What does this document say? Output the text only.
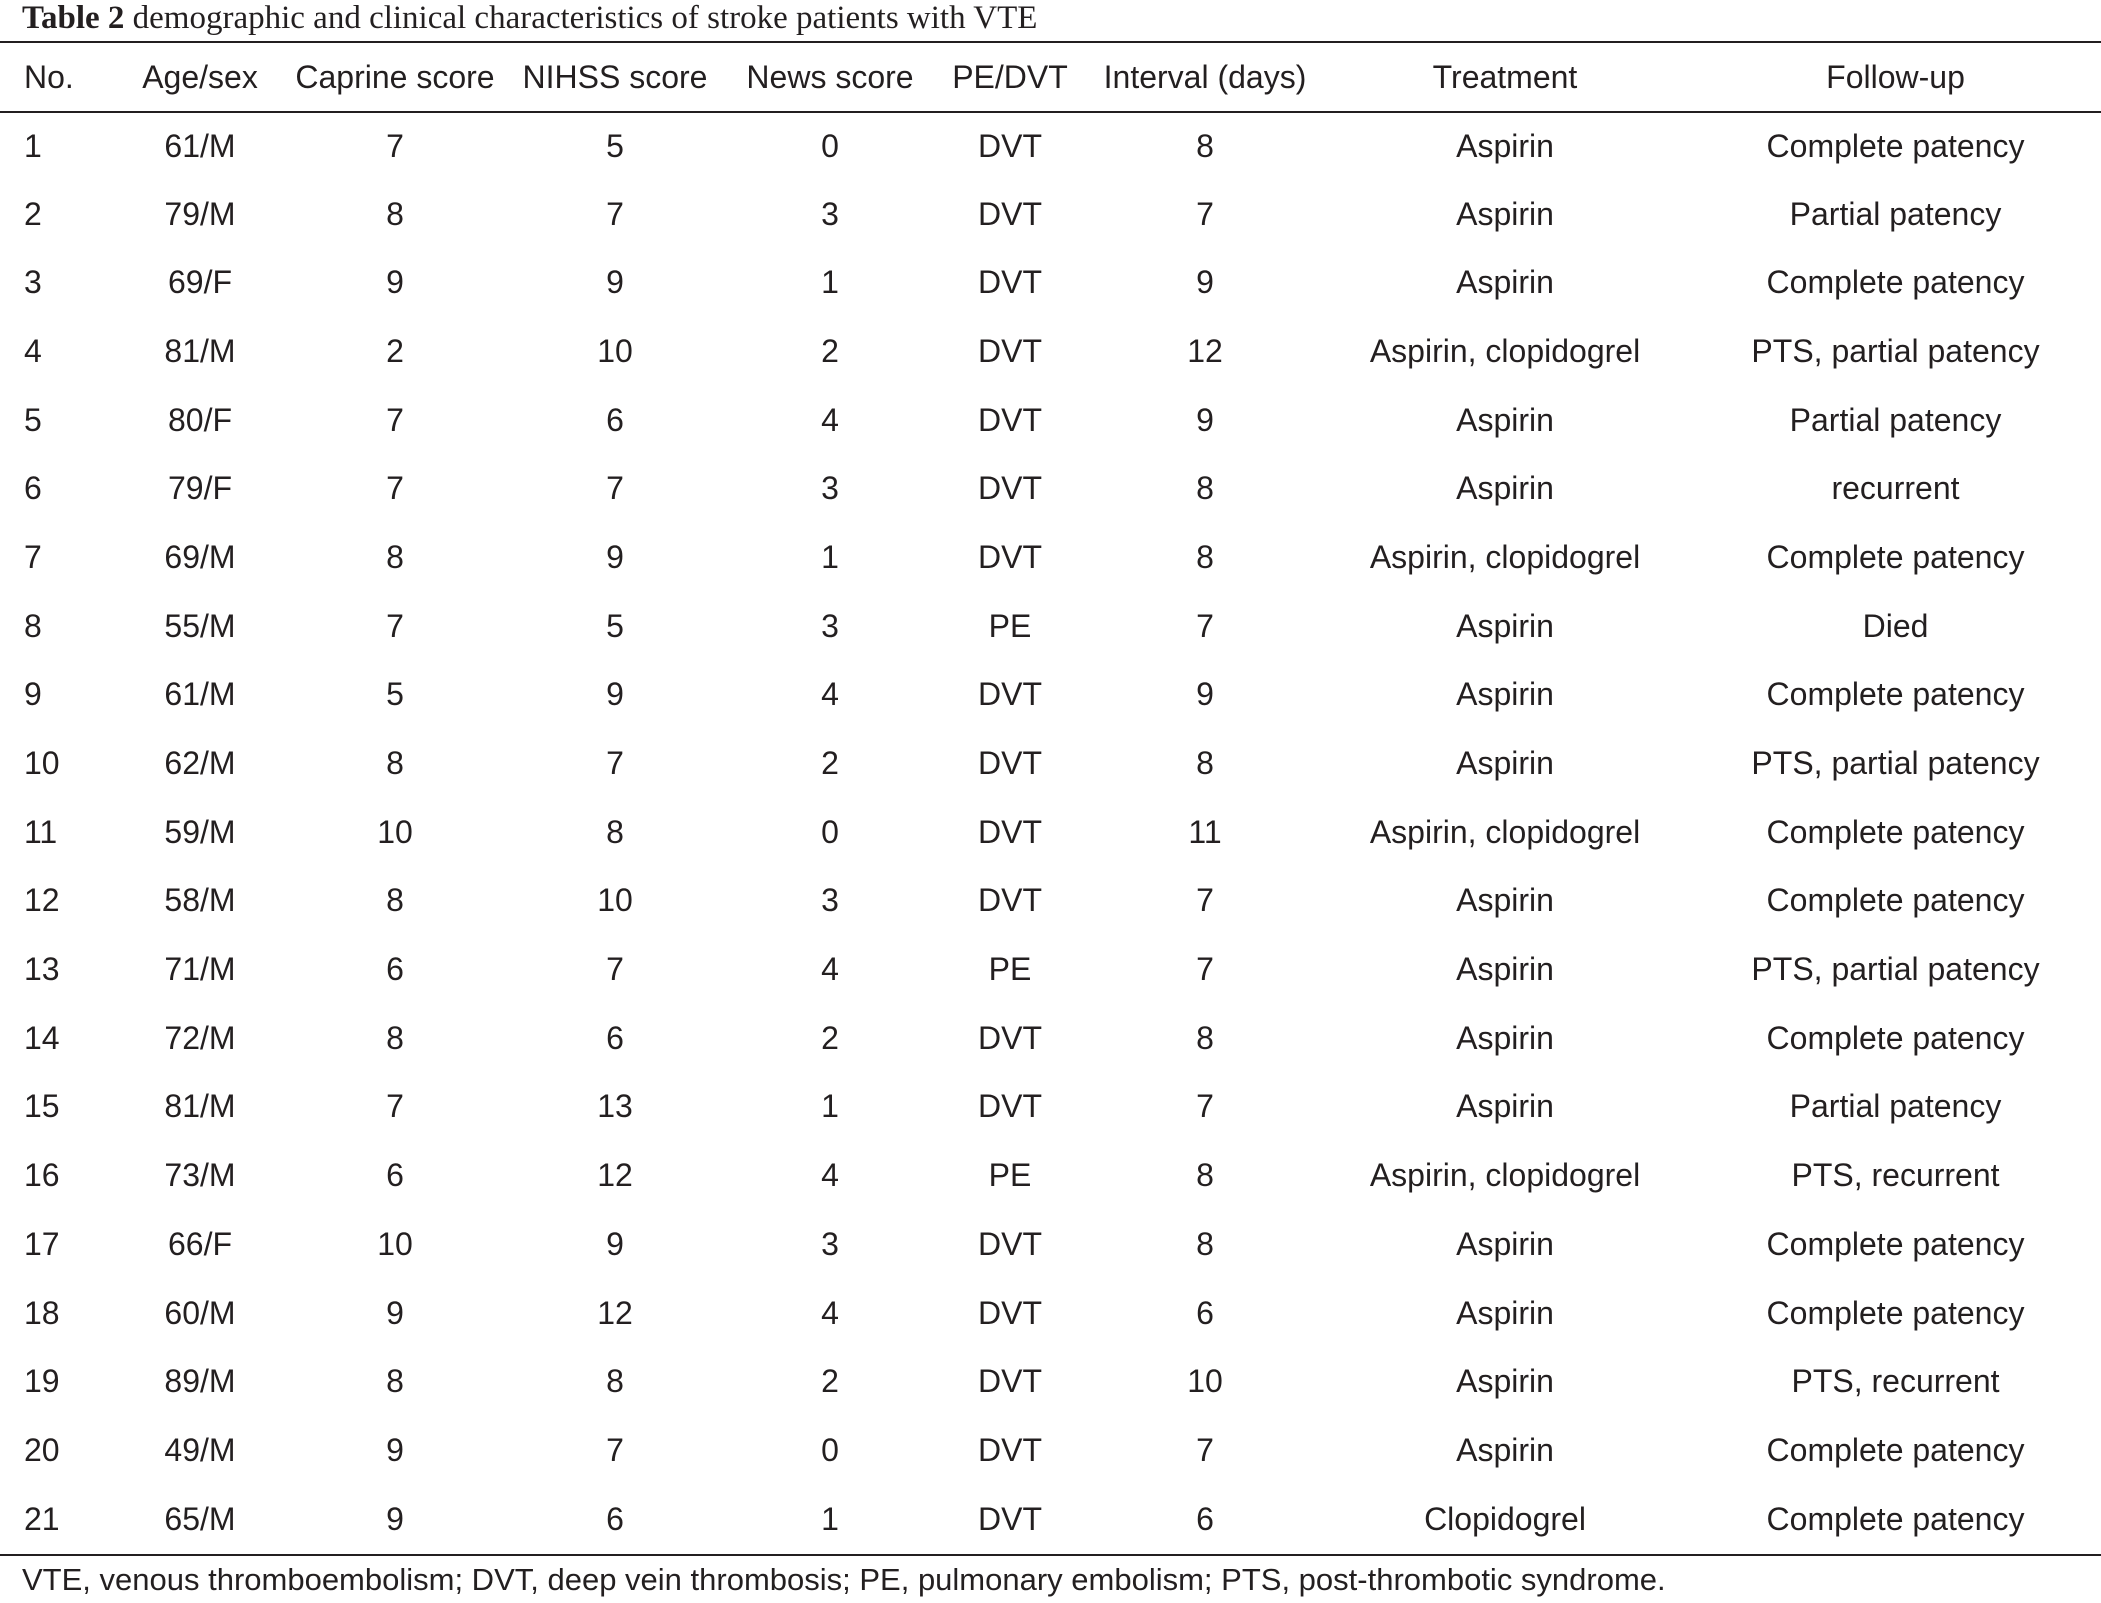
Table 2 demographic and clinical characteristics of stroke patients with VTE
No.	Age/sex	Caprine score	NIHSS score	News score	PE/DVT	Interval (days)	Treatment	Follow-up
1	61/M	7	5	0	DVT	8	Aspirin	Complete patency
2	79/M	8	7	3	DVT	7	Aspirin	Partial patency
3	69/F	9	9	1	DVT	9	Aspirin	Complete patency
4	81/M	2	10	2	DVT	12	Aspirin, clopidogrel	PTS, partial patency
5	80/F	7	6	4	DVT	9	Aspirin	Partial patency
6	79/F	7	7	3	DVT	8	Aspirin	recurrent
7	69/M	8	9	1	DVT	8	Aspirin, clopidogrel	Complete patency
8	55/M	7	5	3	PE	7	Aspirin	Died
9	61/M	5	9	4	DVT	9	Aspirin	Complete patency
10	62/M	8	7	2	DVT	8	Aspirin	PTS, partial patency
11	59/M	10	8	0	DVT	11	Aspirin, clopidogrel	Complete patency
12	58/M	8	10	3	DVT	7	Aspirin	Complete patency
13	71/M	6	7	4	PE	7	Aspirin	PTS, partial patency
14	72/M	8	6	2	DVT	8	Aspirin	Complete patency
15	81/M	7	13	1	DVT	7	Aspirin	Partial patency
16	73/M	6	12	4	PE	8	Aspirin, clopidogrel	PTS, recurrent
17	66/F	10	9	3	DVT	8	Aspirin	Complete patency
18	60/M	9	12	4	DVT	6	Aspirin	Complete patency
19	89/M	8	8	2	DVT	10	Aspirin	PTS, recurrent
20	49/M	9	7	0	DVT	7	Aspirin	Complete patency
21	65/M	9	6	1	DVT	6	Clopidogrel	Complete patency
VTE, venous thromboembolism; DVT, deep vein thrombosis; PE, pulmonary embolism; PTS, post-thrombotic syndrome.
